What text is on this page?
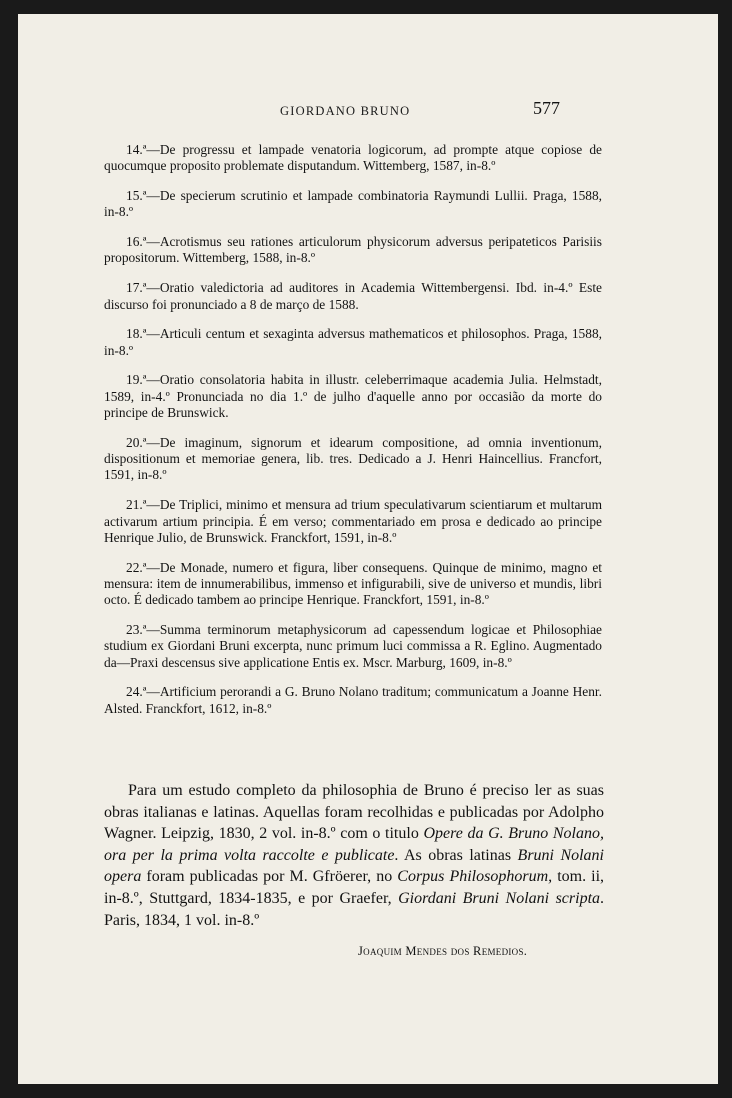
GIORDANO BRUNO	577

14.ª—De progressu et lampade venatoria logicorum, ad prompte atque copiose de quocumque proposito problemate disputandum. Wittemberg, 1587, in-8.º

15.ª—De specierum scrutinio et lampade combinatoria Raymundi Lullii. Praga, 1588, in-8.º

16.ª—Acrotismus seu rationes articulorum physicorum adversus peripateticos Parisiis propositorum. Wittemberg, 1588, in-8.º

17.ª—Oratio valedictoria ad auditores in Academia Wittembergensi. Ibd. in-4.º Este discurso foi pronunciado a 8 de março de 1588.

18.ª—Articuli centum et sexaginta adversus mathematicos et philosophos. Praga, 1588, in-8.º

19.ª—Oratio consolatoria habita in illustr. celeberrimaque academia Julia. Helmstadt, 1589, in-4.º Pronunciada no dia 1.º de julho d'aquelle anno por occasião da morte do principe de Brunswick.

20.ª—De imaginum, signorum et idearum compositione, ad omnia inventionum, dispositionum et memoriae genera, lib. tres. Dedicado a J. Henri Haincellius. Francfort, 1591, in-8.º

21.ª—De Triplici, minimo et mensura ad trium speculativarum scientiarum et multarum activarum artium principia. É em verso; commentariado em prosa e dedicado ao principe Henrique Julio, de Brunswick. Franckfort, 1591, in-8.º

22.ª—De Monade, numero et figura, liber consequens. Quinque de minimo, magno et mensura: item de innumerabilibus, immenso et infigurabili, sive de universo et mundis, libri octo. É dedicado tambem ao principe Henrique. Franckfort, 1591, in-8.º

23.ª—Summa terminorum metaphysicorum ad capessendum logicae et Philosophiae studium ex Giordani Bruni excerpta, nunc primum luci commissa a R. Eglino. Augmentado da—Praxi descensus sive applicatione Entis ex. Mscr. Marburg, 1609, in-8.º

24.ª—Artificium perorandi a G. Bruno Nolano traditum; communicatum a Joanne Henr. Alsted. Franckfort, 1612, in-8.º

Para um estudo completo da philosophia de Bruno é preciso ler as suas obras italianas e latinas. Aquellas foram recolhidas e publicadas por Adolpho Wagner. Leipzig, 1830, 2 vol. in-8.º com o titulo Opere da G. Bruno Nolano, ora per la prima volta raccolte e publicate. As obras latinas Bruni Nolani opera foram publicadas por M. Gfröerer, no Corpus Philosophorum, tom. ii, in-8.º, Stuttgard, 1834-1835, e por Graefer, Giordani Bruni Nolani scripta. Paris, 1834, 1 vol. in-8.º

Joaquim Mendes dos Remedios.
